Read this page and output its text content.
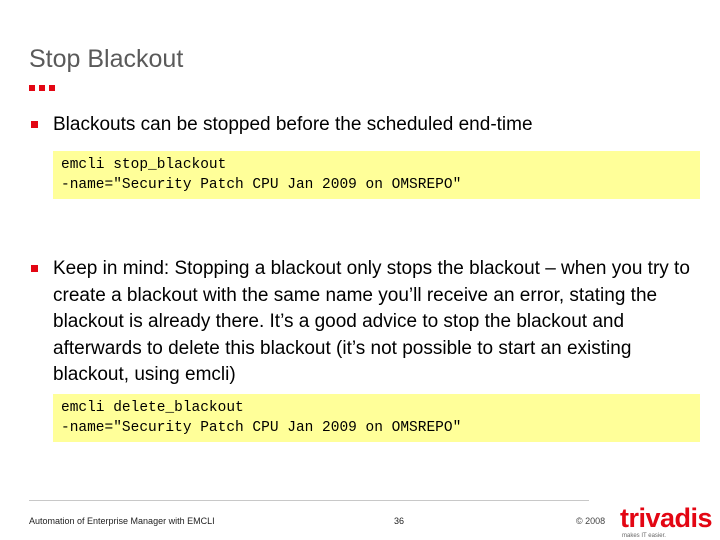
Stop Blackout
Blackouts can be stopped before the scheduled end-time
emcli stop_blackout
-name="Security Patch CPU Jan 2009 on OMSREPO"
Keep in mind: Stopping a blackout only stops the blackout – when you try to create a blackout with the same name you’ll receive an error, stating the blackout is already there. It’s a good advice to stop the blackout and afterwards to delete this blackout (it’s not possible to start an existing blackout, using emcli)
emcli delete_blackout
-name="Security Patch CPU Jan 2009 on OMSREPO"
Automation of Enterprise Manager with EMCLI	36	© 2008 trivadis
makes IT easier.
